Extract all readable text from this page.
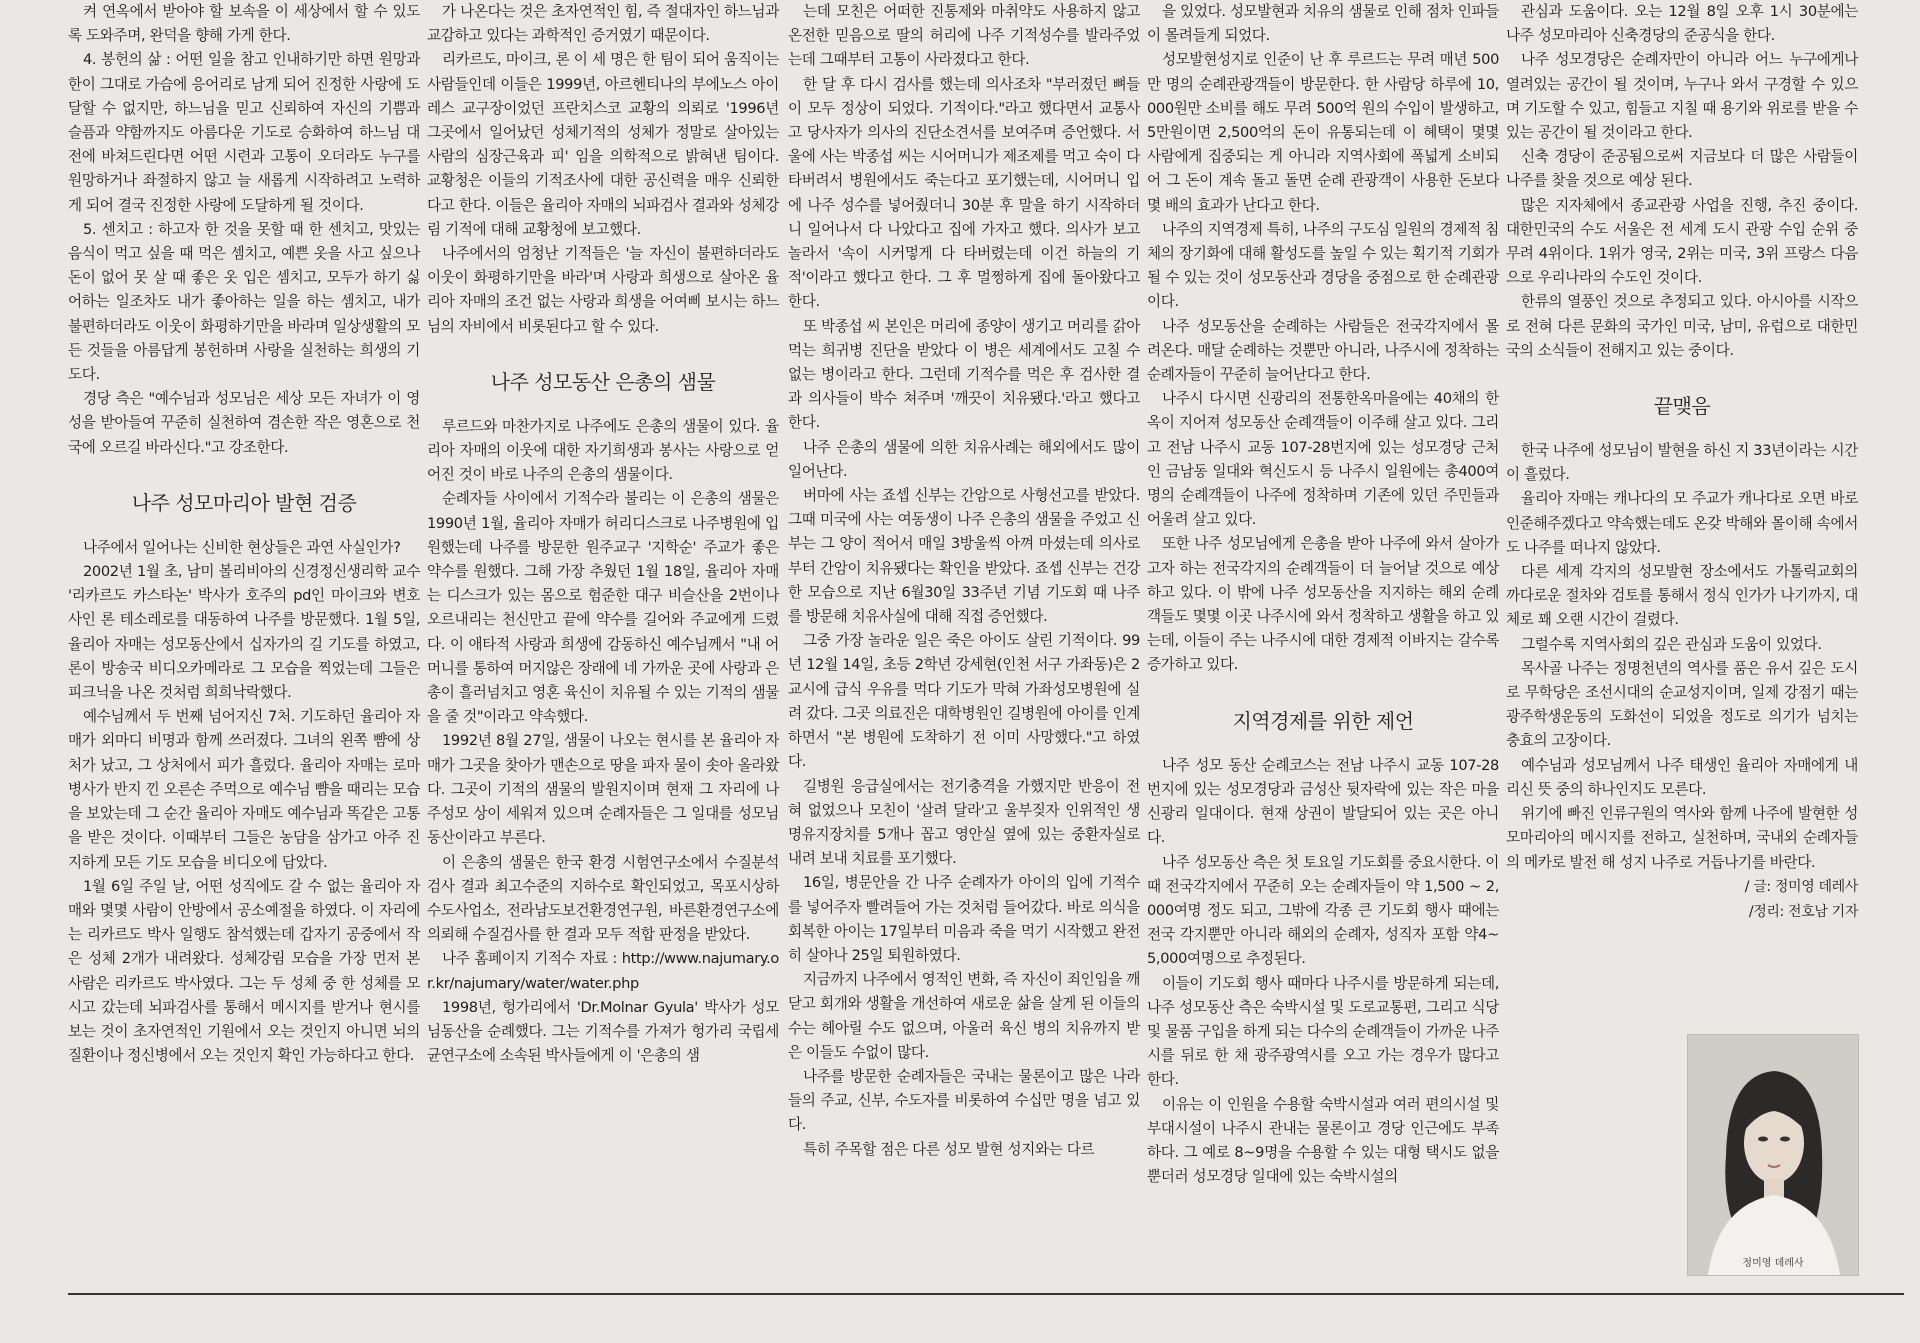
켜 연옥에서 받아야 할 보속을 이 세상에서 할 수 있도록 도와주며, 완덕을 향해 가게 한다.

4. 봉헌의 삶 : 어떤 일을 참고 인내하기만 하면 원망과 한이 그대로 가슴에 응어리로 남게 되어 진정한 사랑에 도달할 수 없지만, 하느님을 믿고 신뢰하여 자신의 기쁨과 슬픔과 약함까지도 아름다운 기도로 승화하여 하느님 대전에 바쳐드린다면 어떤 시련과 고통이 오더라도 누구를 원망하거나 좌절하지 않고 늘 새롭게 시작하려고 노력하게 되어 결국 진정한 사랑에 도달하게 될 것이다.

5. 센치고 : 하고자 한 것을 못할 때 한 센치고, 맛있는 음식이 먹고 싶을 때 먹은 셈치고, 예쁜 옷을 사고 싶으나 돈이 없어 못 살 때 좋은 옷 입은 셈치고, 모두가 하기 싫어하는 일조차도 내가 좋아하는 일을 하는 셈치고, 내가 불편하더라도 이웃이 화평하기만을 바라며 일상생활의 모든 것들을 아름답게 봉헌하며 사랑을 실천하는 희생의 기도다.

경당 측은 "예수님과 성모님은 세상 모든 자녀가 이 영성을 받아들여 꾸준히 실천하여 겸손한 작은 영혼으로 천국에 오르길 바라신다."고 강조한다.

나주 성모마리아 발현 검증

나주에서 일어나는 신비한 현상들은 과연 사실인가?

2002년 1월 초, 남미 볼리비아의 신경정신생리학 교수 '리카르도 카스타논' 박사가 호주의 pd인 마이크와 변호사인 론 테소레로를 대동하여 나주를 방문했다. 1월 5일, 율리아 자매는 성모동산에서 십자가의 길 기도를 하였고, 론이 방송국 비디오카메라로 그 모습을 찍었는데 그들은 피크닉을 나온 것처럼 희희낙락했다.

예수님께서 두 번째 넘어지신 7처. 기도하던 율리아 자매가 외마디 비명과 함께 쓰러졌다. 그녀의 왼쪽 뺨에 상처가 났고, 그 상처에서 피가 흘렀다. 율리아 자매는 로마 병사가 반지 낀 오른손 주먹으로 예수님 뺨을 때리는 모습을 보았는데 그 순간 율리아 자매도 예수님과 똑같은 고통을 받은 것이다. 이때부터 그들은 농담을 삼가고 아주 진지하게 모든 기도 모습을 비디오에 담았다.

1월 6일 주일 날, 어떤 성직에도 갈 수 없는 율리아 자매와 몇몇 사람이 안방에서 공소예절을 하였다. 이 자리에는 리카르도 박사 일행도 참석했는데 갑자기 공중에서 작은 성체 2개가 내려왔다. 성체강림 모습을 가장 먼저 본 사람은 리카르도 박사였다. 그는 두 성체 중 한 성체를 모시고 갔는데 뇌파검사를 통해서 메시지를 받거나 현시를 보는 것이 초자연적인 기원에서 오는 것인지 아니면 뇌의 질환이나 정신병에서 오는 것인지 확인 가능하다고 한다.

가 나온다는 것은 초자연적인 힘, 즉 절대자인 하느님과 교감하고 있다는 과학적인 증거였기 때문이다.

리카르도, 마이크, 론 이 세 명은 한 팀이 되어 움직이는 사람들인데 이들은 1999년, 아르헨티나의 부에노스 아이레스 교구장이었던 프란치스코 교황의 의뢰로 '1996년 그곳에서 일어났던 성체기적의 성체가 정말로 살아있는 사람의 심장근육과 피' 임을 의학적으로 밝혀낸 팀이다. 교황청은 이들의 기적조사에 대한 공신력을 매우 신뢰한다고 한다. 이들은 율리아 자매의 뇌파검사 결과와 성체강림 기적에 대해 교황청에 보고했다.

나주에서의 엄청난 기적들은 '늘 자신이 불편하더라도 이웃이 화평하기만을 바라'며 사랑과 희생으로 살아온 율리아 자매의 조건 없는 사랑과 희생을 어여삐 보시는 하느님의 자비에서 비롯된다고 할 수 있다.

나주 성모동산 은총의 샘물

루르드와 마찬가지로 나주에도 은총의 샘물이 있다. 율리아 자매의 이웃에 대한 자기희생과 봉사는 사랑으로 얻어진 것이 바로 나주의 은총의 샘물이다.

순례자들 사이에서 기적수라 불리는 이 은총의 샘물은 1990년 1월, 율리아 자매가 허리디스크로 나주병원에 입원했는데 나주를 방문한 원주교구 '지학순' 주교가 좋은 약수를 원했다. 그해 가장 추웠던 1월 18일, 율리아 자매는 디스크가 있는 몸으로 험준한 대구 비슬산을 2번이나 오르내리는 천신만고 끝에 약수를 길어와 주교에게 드렸다. 이 애타적 사랑과 희생에 감동하신 예수님께서 "내 어머니를 통하여 머지않은 장래에 네 가까운 곳에 사랑과 은총이 흘러넘치고 영혼 육신이 치유될 수 있는 기적의 샘물을 줄 것"이라고 약속했다.

1992년 8월 27일, 샘물이 나오는 현시를 본 율리아 자매가 그곳을 찾아가 맨손으로 땅을 파자 물이 솟아 올라왔다. 그곳이 기적의 샘물의 발원지이며 현재 그 자리에 나주성모 상이 세워져 있으며 순례자들은 그 일대를 성모님동산이라고 부른다.

이 은총의 샘물은 한국 환경 시험연구소에서 수질분석검사 결과 최고수준의 지하수로 확인되었고, 목포시상하수도사업소, 전라남도보건환경연구원, 바른환경연구소에 의뢰해 수질검사를 한 결과 모두 적합 판정을 받았다.

나주 홈페이지 기적수 자료 : http://www.najumary.or.kr/najumary/water/water.php

1998년, 헝가리에서 'Dr.Molnar Gyula' 박사가 성모님동산을 순례했다. 그는 기적수를 가져가 헝가리 국립세균연구소에 소속된 박사들에게 이 '은총의 샘

는데 모친은 어떠한 진통제와 마취약도 사용하지 않고 온전한 믿음으로 딸의 허리에 나주 기적성수를 발라주었는데 그때부터 고통이 사라졌다고 한다.

한 달 후 다시 검사를 했는데 의사조차 "부러졌던 뼈들이 모두 정상이 되었다. 기적이다."라고 했다면서 교통사고 당사자가 의사의 진단소견서를 보여주며 증언했다. 서울에 사는 박종섭 씨는 시어머니가 제조제를 먹고 숙이 다 타버려서 병원에서도 죽는다고 포기했는데, 시어머니 입에 나주 성수를 넣어줬더니 30분 후 말을 하기 시작하더니 일어나서 다 나았다고 집에 가자고 했다. 의사가 보고 놀라서 '속이 시커멓게 다 타버렸는데 이건 하늘의 기적'이라고 했다고 한다. 그 후 멀쩡하게 집에 돌아왔다고 한다.

또 박종섭 씨 본인은 머리에 종양이 생기고 머리를 갉아먹는 희귀병 진단을 받았다 이 병은 세계에서도 고칠 수 없는 병이라고 한다. 그런데 기적수를 먹은 후 검사한 결과 의사들이 박수 쳐주며 '깨끗이 치유됐다.'라고 했다고 한다.

나주 은총의 샘물에 의한 치유사례는 해외에서도 많이 일어난다.

버마에 사는 죠셉 신부는 간암으로 사형선고를 받았다. 그때 미국에 사는 여동생이 나주 은총의 샘물을 주었고 신부는 그 양이 적어서 매일 3방울씩 아껴 마셨는데 의사로부터 간암이 치유됐다는 확인을 받았다. 죠셉 신부는 건강한 모습으로 지난 6월30일 33주년 기념 기도회 때 나주를 방문해 치유사실에 대해 직접 증언했다.

그중 가장 놀라운 일은 죽은 아이도 살린 기적이다. 99년 12월 14일, 초등 2학년 강세현(인천 서구 가좌동)은 2교시에 급식 우유를 먹다 기도가 막혀 가좌성모병원에 실려 갔다. 그곳 의료진은 대학병원인 길병원에 아이를 인계하면서 "본 병원에 도착하기 전 이미 사망했다."고 하였다.

길병원 응급실에서는 전기충격을 가했지만 반응이 전혀 없었으나 모친이 '살려 달라'고 울부짖자 인위적인 생명유지장치를 5개나 꼽고 영안실 옆에 있는 중환자실로 내려 보내 치료를 포기했다.

16일, 병문안을 간 나주 순례자가 아이의 입에 기적수를 넣어주자 빨려들어 가는 것처럼 들어갔다. 바로 의식을 회복한 아이는 17일부터 미음과 죽을 먹기 시작했고 완전히 살아나 25일 퇴원하였다.

지금까지 나주에서 영적인 변화, 즉 자신이 죄인임을 깨닫고 회개와 생활을 개선하여 새로운 삶을 살게 된 이들의 수는 헤아릴 수도 없으며, 아울러 육신 병의 치유까지 받은 이들도 수없이 많다.

나주를 방문한 순례자들은 국내는 물론이고 많은 나라들의 주교, 신부, 수도자를 비롯하여 수십만 명을 넘고 있다.

특히 주목할 점은 다른 성모 발현 성지와는 다르

을 있었다. 성모발현과 치유의 샘물로 인해 점차 인파들이 몰려들게 되었다.

성모발현성지로 인준이 난 후 루르드는 무려 매년 500만 명의 순례관광객들이 방문한다. 한 사람당 하루에 10,000원만 소비를 해도 무려 500억 원의 수입이 발생하고, 5만원이면 2,500억의 돈이 유통되는데 이 혜택이 몇몇 사람에게 집중되는 게 아니라 지역사회에 폭넓게 소비되어 그 돈이 계속 돌고 돌면 순례 관광객이 사용한 돈보다 몇 배의 효과가 난다고 한다.

나주의 지역경제 특히, 나주의 구도심 일원의 경제적 침체의 장기화에 대해 활성도를 높일 수 있는 획기적 기회가 될 수 있는 것이 성모동산과 경당을 중점으로 한 순례관광이다.

나주 성모동산을 순례하는 사람들은 전국각지에서 몰려온다. 매달 순례하는 것뿐만 아니라, 나주시에 정착하는 순례자들이 꾸준히 늘어난다고 한다.

나주시 다시면 신광리의 전통한옥마을에는 40채의 한옥이 지어져 성모동산 순례객들이 이주해 살고 있다. 그리고 전남 나주시 교동 107-28번지에 있는 성모경당 근처인 금남동 일대와 혁신도시 등 나주시 일원에는 총400여명의 순례객들이 나주에 정착하며 기존에 있던 주민들과 어울려 살고 있다.

또한 나주 성모님에게 은총을 받아 나주에 와서 살아가고자 하는 전국각지의 순례객들이 더 늘어날 것으로 예상하고 있다. 이 밖에 나주 성모동산을 지지하는 해외 순례객들도 몇몇 이곳 나주시에 와서 정착하고 생활을 하고 있는데, 이들이 주는 나주시에 대한 경제적 이바지는 갈수록 증가하고 있다.

지역경제를 위한 제언

나주 성모 동산 순례코스는 전남 나주시 교동 107-28번지에 있는 성모경당과 금성산 뒷자락에 있는 작은 마을 신광리 일대이다. 현재 상권이 발달되어 있는 곳은 아니다.

나주 성모동산 측은 첫 토요일 기도회를 중요시한다. 이때 전국각지에서 꾸준히 오는 순례자들이 약 1,500 ~ 2,000여명 정도 되고, 그밖에 각종 큰 기도회 행사 때에는 전국 각지뿐만 아니라 해외의 순례자, 성직자 포함 약4~5,000여명으로 추정된다.

이들이 기도회 행사 때마다 나주시를 방문하게 되는데, 나주 성모동산 측은 숙박시설 및 도로교통편, 그리고 식당 및 물품 구입을 하게 되는 다수의 순례객들이 가까운 나주시를 뒤로 한 채 광주광역시를 오고 가는 경우가 많다고 한다.

이유는 이 인원을 수용할 숙박시설과 여러 편의시설 및 부대시설이 나주시 관내는 물론이고 경당 인근에도 부족하다. 그 예로 8~9명을 수용할 수 있는 대형 택시도 없을뿐더러 성모경당 일대에 있는 숙박시설의

관심과 도움이다. 오는 12월 8일 오후 1시 30분에는 나주 성모마리아 신축경당의 준공식을 한다.

나주 성모경당은 순례자만이 아니라 어느 누구에게나 열려있는 공간이 될 것이며, 누구나 와서 구경할 수 있으며 기도할 수 있고, 힘들고 지칠 때 용기와 위로를 받을 수 있는 공간이 될 것이라고 한다.

신축 경당이 준공됨으로써 지금보다 더 많은 사람들이 나주를 찾을 것으로 예상 된다.

많은 지자체에서 종교관광 사업을 진행, 추진 중이다. 대한민국의 수도 서울은 전 세계 도시 관광 수입 순위 중 무려 4위이다. 1위가 영국, 2위는 미국, 3위 프랑스 다음으로 우리나라의 수도인 것이다.

한류의 열풍인 것으로 추정되고 있다. 아시아를 시작으로 전혀 다른 문화의 국가인 미국, 남미, 유럽으로 대한민국의 소식들이 전해지고 있는 중이다.

끝맺음

한국 나주에 성모님이 발현을 하신 지 33년이라는 시간이 흘렀다.

율리아 자매는 캐나다의 모 주교가 캐나다로 오면 바로 인준해주겠다고 약속했는데도 온갖 박해와 몰이해 속에서도 나주를 떠나지 않았다.

다른 세계 각지의 성모발현 장소에서도 가톨릭교회의 까다로운 절차와 검토를 통해서 정식 인가가 나기까지, 대체로 꽤 오랜 시간이 걸렸다.

그럴수록 지역사회의 깊은 관심과 도움이 있었다.

목사골 나주는 정명천년의 역사를 품은 유서 깊은 도시로 무학당은 조선시대의 순교성지이며, 일제 강점기 때는 광주학생운동의 도화선이 되었을 정도로 의기가 넘치는 충효의 고장이다.

예수님과 성모님께서 나주 태생인 율리아 자매에게 내리신 뜻 중의 하나인지도 모른다.

위기에 빠진 인류구원의 역사와 함께 나주에 발현한 성모마리아의 메시지를 전하고, 실천하며, 국내외 순례자들의 메카로 발전 해 성지 나주로 거듭나기를 바란다.

/ 글: 정미영 데레사
/정리: 전호남 기자
정미영 데레사
